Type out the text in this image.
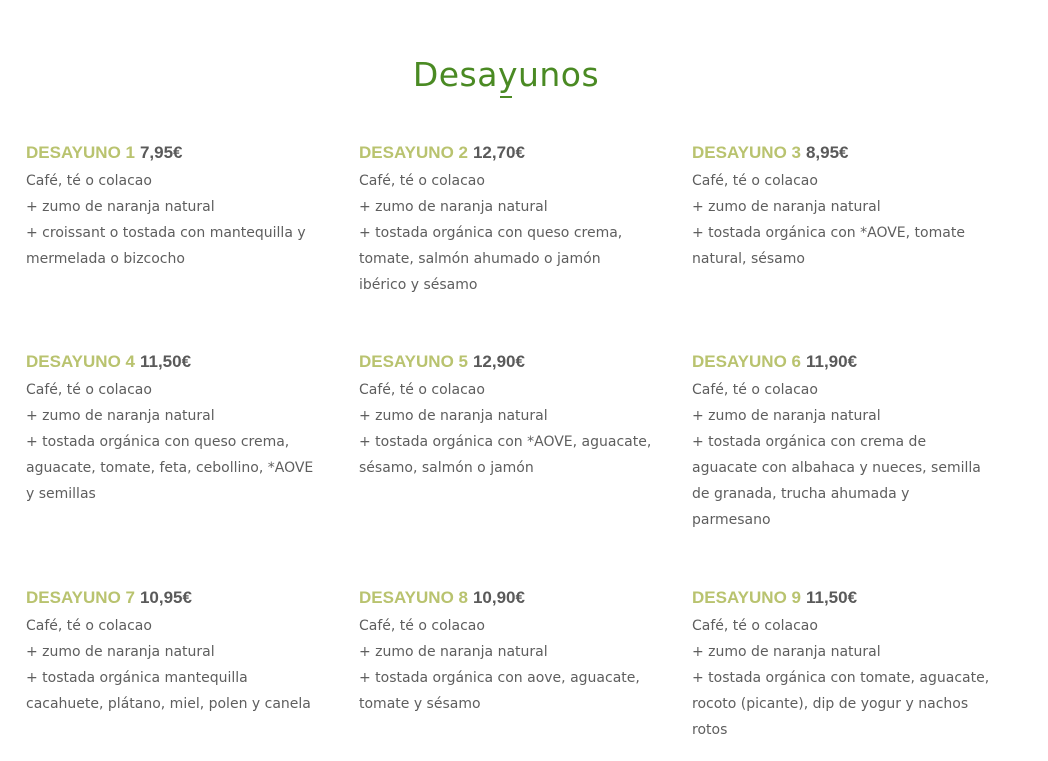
Desayunos
DESAYUNO 1 7,95€
Café, té o colacao
+ zumo de naranja natural
+ croissant o tostada con mantequilla y
mermelada o bizcocho
DESAYUNO 2 12,70€
Café, té o colacao
+ zumo de naranja natural
+ tostada orgánica con queso crema,
tomate, salmón ahumado o jamón
ibérico y sésamo
DESAYUNO 3 8,95€
Café, té o colacao
+ zumo de naranja natural
+ tostada orgánica con *AOVE, tomate
natural, sésamo
DESAYUNO 4 11,50€
Café, té o colacao
+ zumo de naranja natural
+ tostada orgánica con queso crema,
aguacate, tomate, feta, cebollino, *AOVE
y semillas
DESAYUNO 5 12,90€
Café, té o colacao
+ zumo de naranja natural
+ tostada orgánica con *AOVE, aguacate,
sésamo, salmón o jamón
DESAYUNO 6 11,90€
Café, té o colacao
+ zumo de naranja natural
+ tostada orgánica con crema de
aguacate con albahaca y nueces, semilla
de granada, trucha ahumada y
parmesano
DESAYUNO 7 10,95€
Café, té o colacao
+ zumo de naranja natural
+ tostada orgánica mantequilla
cacahuete, plátano, miel, polen y canela
DESAYUNO 8 10,90€
Café, té o colacao
+ zumo de naranja natural
+ tostada orgánica con aove, aguacate,
tomate y sésamo
DESAYUNO 9 11,50€
Café, té o colacao
+ zumo de naranja natural
+ tostada orgánica con tomate, aguacate,
rocoto (picante), dip de yogur y nachos
rotos
